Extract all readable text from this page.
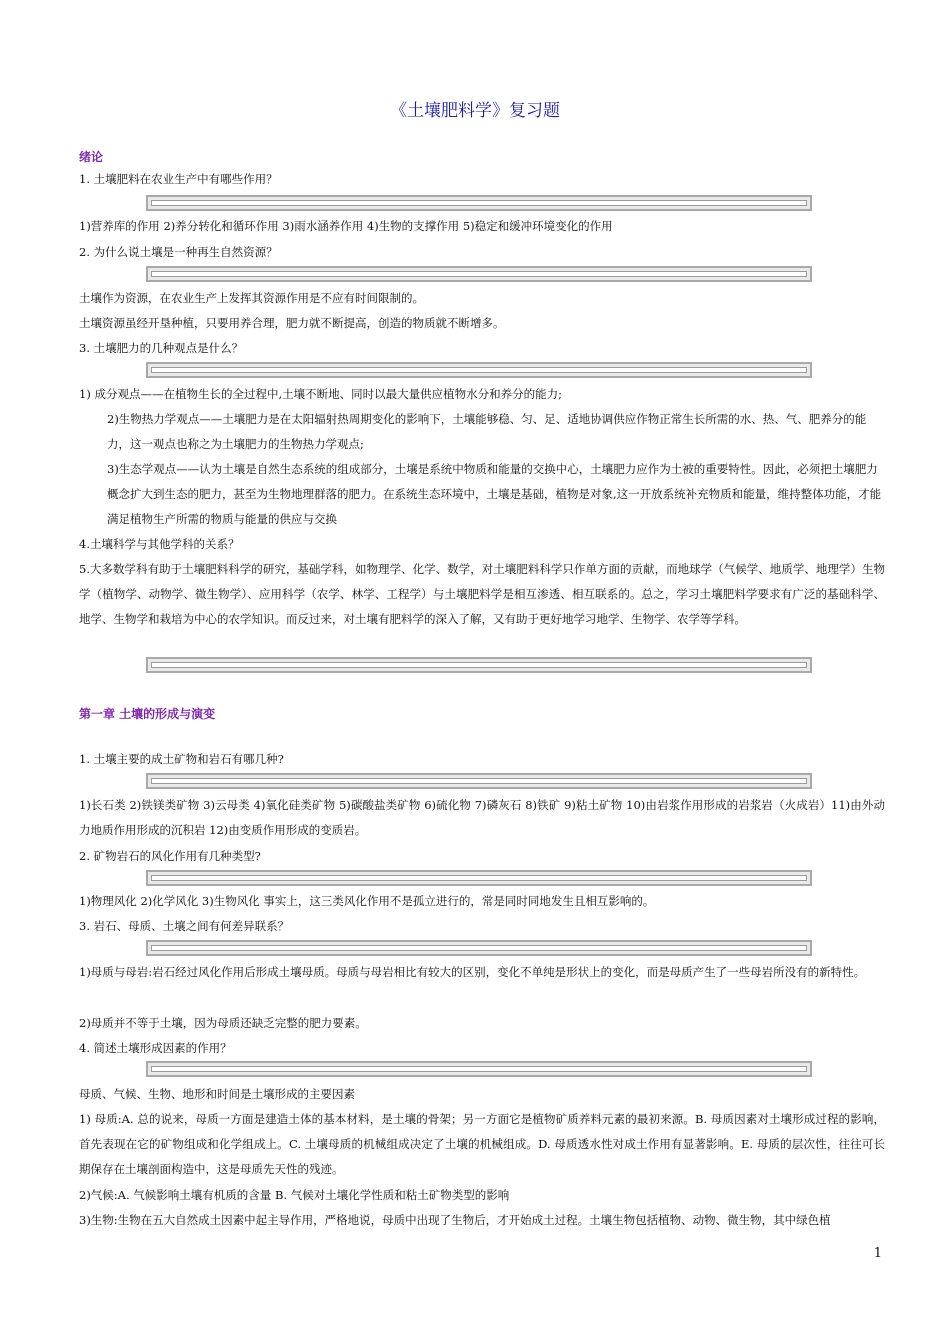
《土壤肥料学》复习题
绪论
1. 土壤肥料在农业生产中有哪些作用？
1)营养库的作用 2)养分转化和循环作用 3)雨水涵养作用 4)生物的支撑作用 5)稳定和缓冲环境变化的作用
2. 为什么说土壤是一种再生自然资源？
土壤作为资源，在农业生产上发挥其资源作用是不应有时间限制的。
土壤资源虽经开垦种植，只要用养合理，肥力就不断提高，创造的物质就不断增多。
3. 土壤肥力的几种观点是什么？
1) 成分观点——在植物生长的全过程中,土壤不断地、同时以最大量供应植物水分和养分的能力;
2)生物热力学观点——土壤肥力是在太阳辐射热周期变化的影响下，土壤能够稳、匀、足、适地协调供应作物正常生长所需的水、热、气、肥养分的能力，这一观点也称之为土壤肥力的生物热力学观点;
3)生态学观点——认为土壤是自然生态系统的组成部分，土壤是系统中物质和能量的交换中心，土壤肥力应作为土被的重要特性。因此，必须把土壤肥力概念扩大到生态的肥力，甚至为生物地理群落的肥力。在系统生态环境中，土壤是基础，植物是对象,这一开放系统补充物质和能量，维持整体功能，才能满足植物生产所需的物质与能量的供应与交换
4.土壤科学与其他学科的关系？
5.大多数学科有助于土壤肥料科学的研究，基础学科，如物理学、化学、数学，对土壤肥料科学只作单方面的贡献，而地球学（气候学、地质学、地理学）生物学（植物学、动物学、微生物学）、应用科学（农学、林学、工程学）与土壤肥料学是相互渗透、相互联系的。总之，学习土壤肥料学要求有广泛的基础科学、地学、生物学和栽培为中心的农学知识。而反过来，对土壤有肥料学的深入了解，又有助于更好地学习地学、生物学、农学等学科。
第一章 土壤的形成与演变
1. 土壤主要的成土矿物和岩石有哪几种?
1)长石类 2)铁镁类矿物 3)云母类 4)氧化硅类矿物 5)碳酸盐类矿物 6)硫化物 7)磷灰石 8)铁矿 9)粘土矿物 10)由岩浆作用形成的岩浆岩（火成岩）11)由外动力地质作用形成的沉积岩 12)由变质作用形成的变质岩。
2. 矿物岩石的风化作用有几种类型?
1)物理风化 2)化学风化 3)生物风化 事实上，这三类风化作用不是孤立进行的，常是同时同地发生且相互影响的。
3. 岩石、母质、土壤之间有何差异联系？
1)母质与母岩:岩石经过风化作用后形成土壤母质。母质与母岩相比有较大的区别，变化不单纯是形状上的变化，而是母质产生了一些母岩所没有的新特性。
2)母质并不等于土壤，因为母质还缺乏完整的肥力要素。
4. 简述土壤形成因素的作用？
母质、气候、生物、地形和时间是土壤形成的主要因素
1) 母质:A. 总的说来，母质一方面是建造土体的基本材料，是土壤的骨架；另一方面它是植物矿质养料元素的最初来源。B. 母质因素对土壤形成过程的影响，首先表现在它的矿物组成和化学组成上。C. 土壤母质的机械组成决定了土壤的机械组成。D. 母质透水性对成土作用有显著影响。E. 母质的层次性，往往可长期保存在土壤剖面构造中，这是母质先天性的残迹。
2)气候:A. 气候影响土壤有机质的含量 B. 气候对土壤化学性质和粘土矿物类型的影响
3)生物:生物在五大自然成土因素中起主导作用，严格地说，母质中出现了生物后，才开始成土过程。土壤生物包括植物、动物、微生物，其中绿色植
1
